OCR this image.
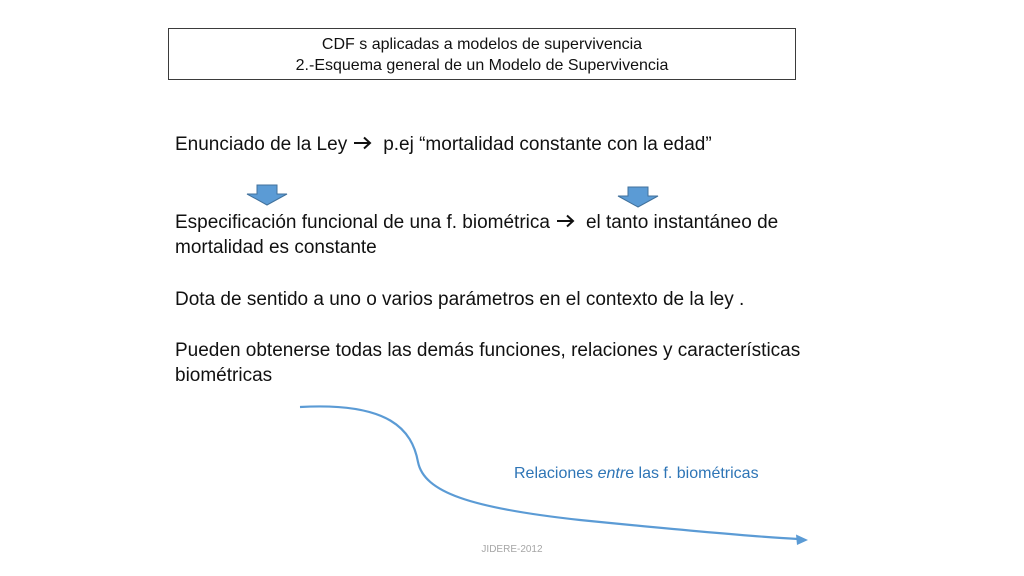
CDF s aplicadas a modelos de supervivencia
2.-Esquema general de un Modelo de Supervivencia
Enunciado de la Ley p.ej “mortalidad constante con la edad”
Especificación funcional de una f. biométrica el tanto instantáneo de
mortalidad es constante
Dota de sentido a uno o varios parámetros en el contexto de la ley .
Pueden obtenerse todas las demás funciones, relaciones y características
biométricas
Relaciones entre las f. biométricas
JIDERE-2012
